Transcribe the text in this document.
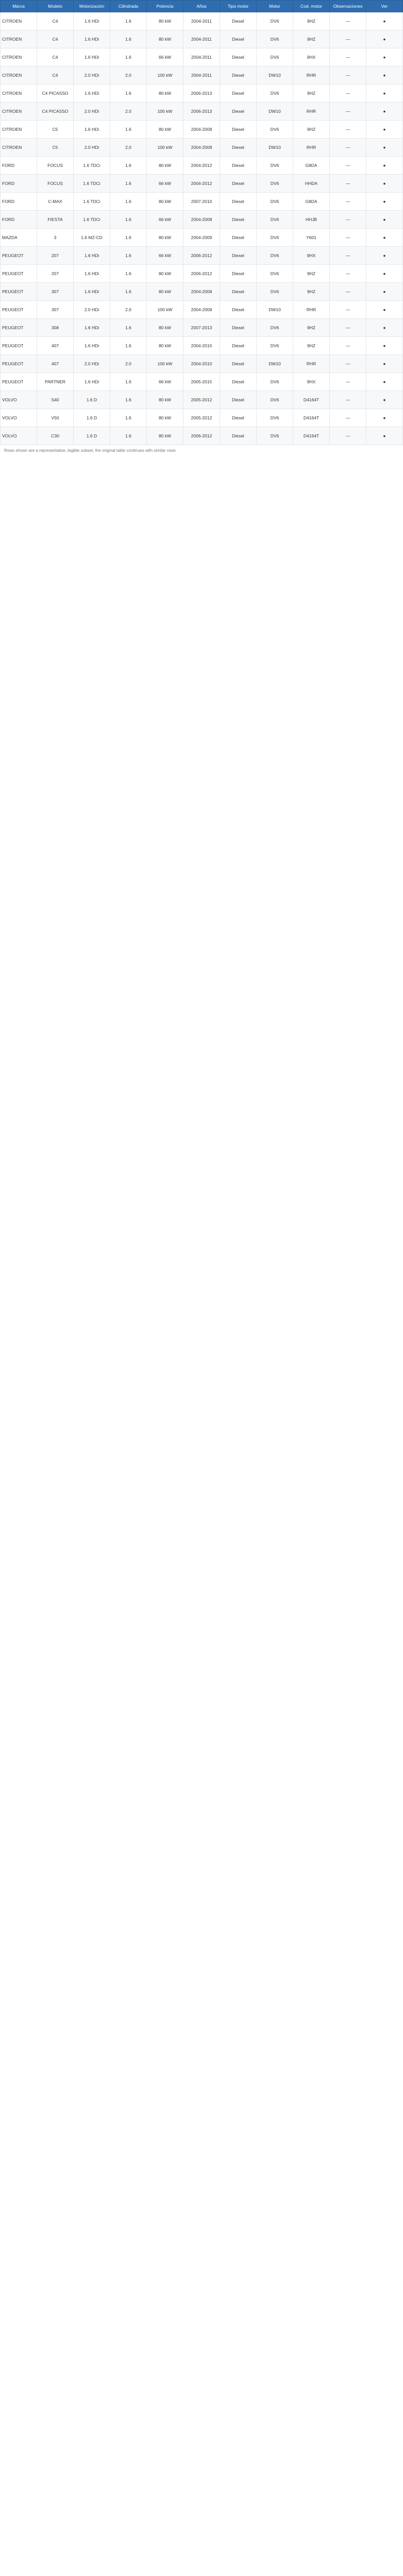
Marca	Modelo	Motorización	Cilindrada	Potencia	Años	Tipo motor	Motor	Cod. motor	Observaciones	Ver
CITROEN	C4	1.6 HDi	1.6	80 kW	2004-2011	Diesel	DV6	9HZ	—	●
CITROEN	C4	1.6 HDi	1.6	80 kW	2004-2011	Diesel	DV6	9HZ	—	●
CITROEN	C4	1.6 HDi	1.6	66 kW	2004-2011	Diesel	DV6	9HX	—	●
CITROEN	C4	2.0 HDi	2.0	100 kW	2004-2011	Diesel	DW10	RHR	—	●
CITROEN	C4 PICASSO	1.6 HDi	1.6	80 kW	2006-2013	Diesel	DV6	9HZ	—	●
CITROEN	C4 PICASSO	2.0 HDi	2.0	100 kW	2006-2013	Diesel	DW10	RHR	—	●
CITROEN	C5	1.6 HDi	1.6	80 kW	2004-2008	Diesel	DV6	9HZ	—	●
CITROEN	C5	2.0 HDi	2.0	100 kW	2004-2008	Diesel	DW10	RHR	—	●
FORD	FOCUS	1.6 TDCi	1.6	80 kW	2004-2012	Diesel	DV6	G8DA	—	●
FORD	FOCUS	1.6 TDCi	1.6	66 kW	2004-2012	Diesel	DV6	HHDA	—	●
FORD	C-MAX	1.6 TDCi	1.6	80 kW	2007-2010	Diesel	DV6	G8DA	—	●
FORD	FIESTA	1.6 TDCi	1.6	66 kW	2004-2008	Diesel	DV6	HHJB	—	●
MAZDA	3	1.6 MZ-CD	1.6	80 kW	2004-2009	Diesel	DV6	Y601	—	●
PEUGEOT	207	1.6 HDi	1.6	66 kW	2006-2012	Diesel	DV6	9HX	—	●
PEUGEOT	207	1.6 HDi	1.6	80 kW	2006-2012	Diesel	DV6	9HZ	—	●
PEUGEOT	307	1.6 HDi	1.6	80 kW	2004-2008	Diesel	DV6	9HZ	—	●
PEUGEOT	307	2.0 HDi	2.0	100 kW	2004-2008	Diesel	DW10	RHR	—	●
PEUGEOT	308	1.6 HDi	1.6	80 kW	2007-2013	Diesel	DV6	9HZ	—	●
PEUGEOT	407	1.6 HDi	1.6	80 kW	2004-2010	Diesel	DV6	9HZ	—	●
PEUGEOT	407	2.0 HDi	2.0	100 kW	2004-2010	Diesel	DW10	RHR	—	●
PEUGEOT	PARTNER	1.6 HDi	1.6	66 kW	2005-2015	Diesel	DV6	9HX	—	●
VOLVO	S40	1.6 D	1.6	80 kW	2005-2012	Diesel	DV6	D4164T	—	●
VOLVO	V50	1.6 D	1.6	80 kW	2005-2012	Diesel	DV6	D4164T	—	●
VOLVO	C30	1.6 D	1.6	80 kW	2006-2012	Diesel	DV6	D4164T	—	●
Rows shown are a representative, legible subset; the original table continues with similar rows.
